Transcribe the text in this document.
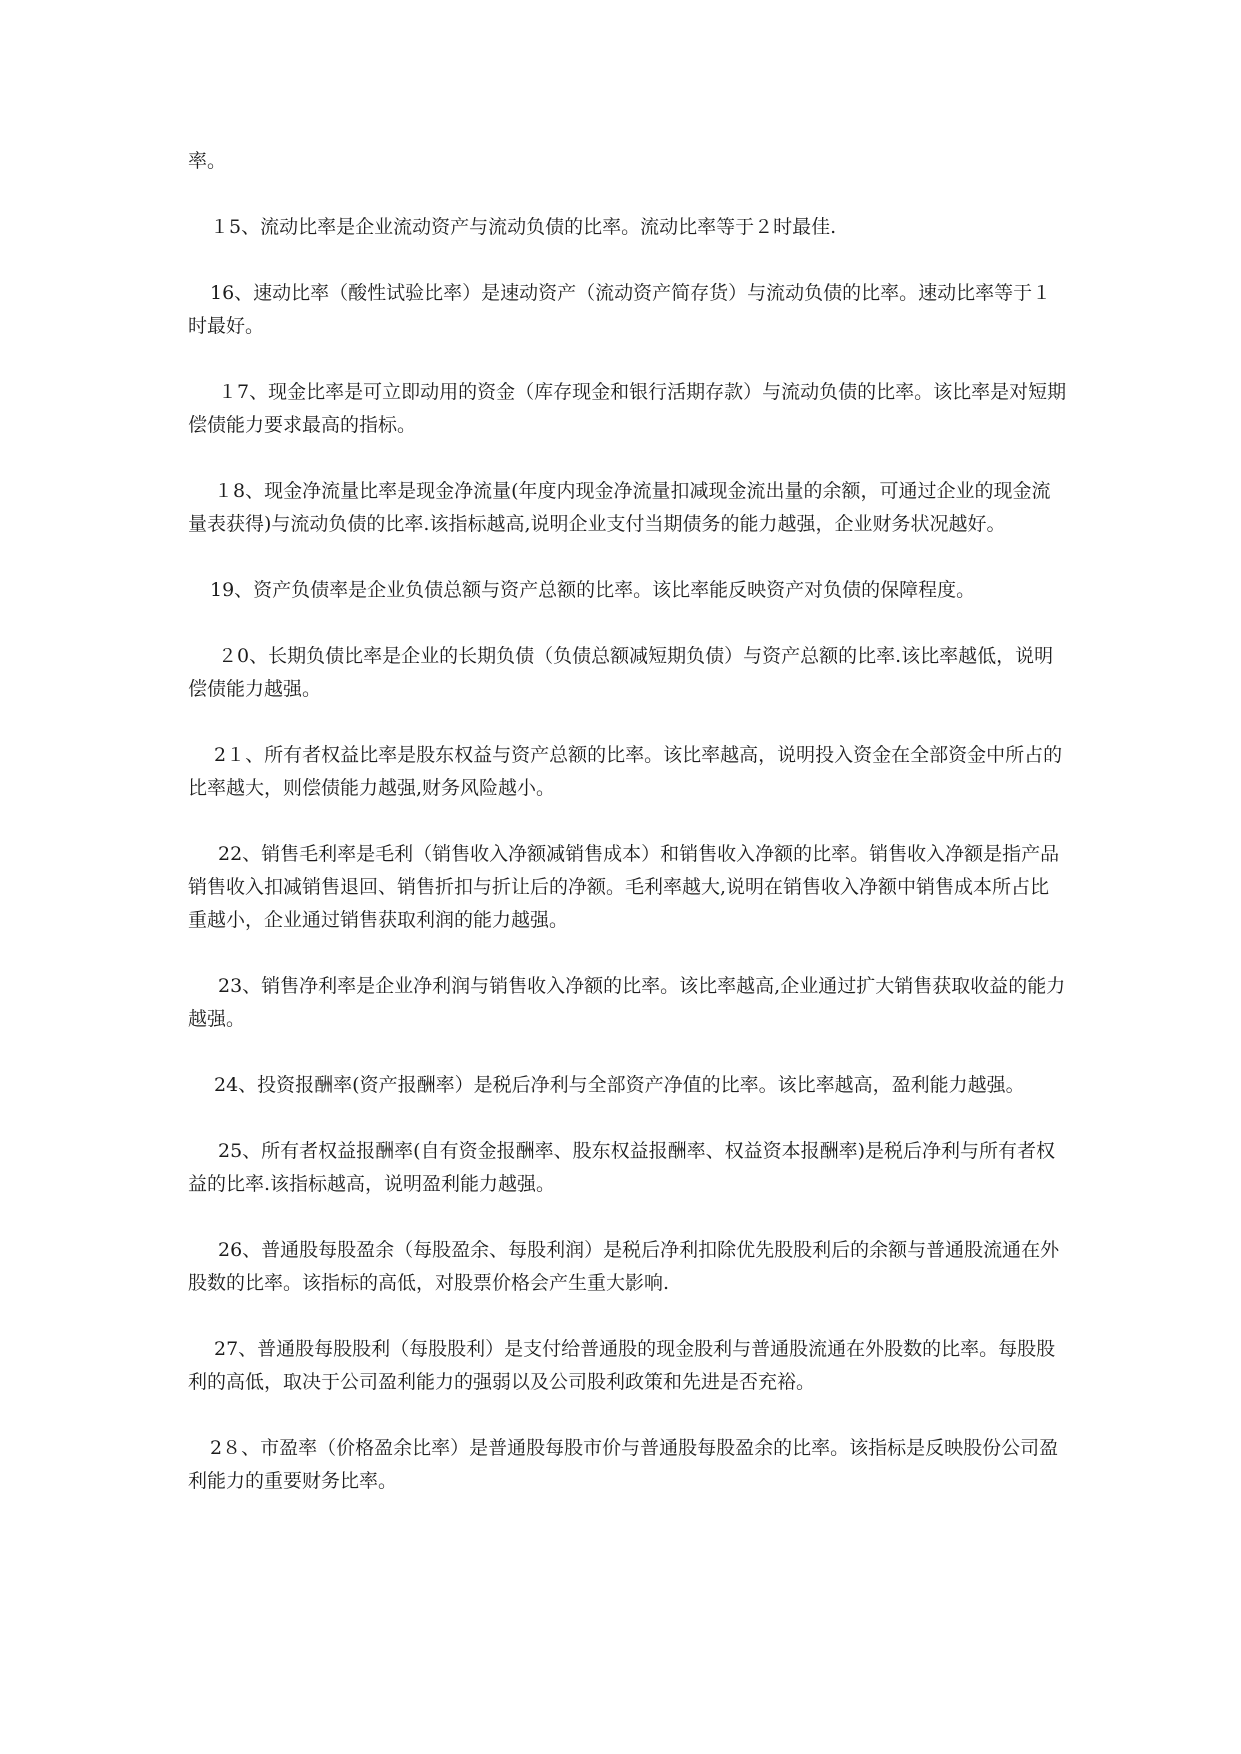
率。

１5、流动比率是企业流动资产与流动负债的比率。流动比率等于２时最佳.

16、速动比率（酸性试验比率）是速动资产（流动资产简存货）与流动负债的比率。速动比率等于１时最好。

１7、现金比率是可立即动用的资金（库存现金和银行活期存款）与流动负债的比率。该比率是对短期偿债能力要求最高的指标。

１8、现金净流量比率是现金净流量(年度内现金净流量扣减现金流出量的余额，可通过企业的现金流量表获得)与流动负债的比率.该指标越高,说明企业支付当期债务的能力越强，企业财务状况越好。

19、资产负债率是企业负债总额与资产总额的比率。该比率能反映资产对负债的保障程度。

２0、长期负债比率是企业的长期负债（负债总额减短期负债）与资产总额的比率.该比率越低，说明偿债能力越强。

2１、所有者权益比率是股东权益与资产总额的比率。该比率越高，说明投入资金在全部资金中所占的比率越大，则偿债能力越强,财务风险越小。

22、销售毛利率是毛利（销售收入净额减销售成本）和销售收入净额的比率。销售收入净额是指产品销售收入扣减销售退回、销售折扣与折让后的净额。毛利率越大,说明在销售收入净额中销售成本所占比重越小，企业通过销售获取利润的能力越强。

23、销售净利率是企业净利润与销售收入净额的比率。该比率越高,企业通过扩大销售获取收益的能力越强。

24、投资报酬率(资产报酬率）是税后净利与全部资产净值的比率。该比率越高，盈利能力越强。

25、所有者权益报酬率(自有资金报酬率、股东权益报酬率、权益资本报酬率)是税后净利与所有者权益的比率.该指标越高，说明盈利能力越强。

26、普通股每股盈余（每股盈余、每股利润）是税后净利扣除优先股股利后的余额与普通股流通在外股数的比率。该指标的高低，对股票价格会产生重大影响.

27、普通股每股股利（每股股利）是支付给普通股的现金股利与普通股流通在外股数的比率。每股股利的高低，取决于公司盈利能力的强弱以及公司股利政策和先进是否充裕。

2８、市盈率（价格盈余比率）是普通股每股市价与普通股每股盈余的比率。该指标是反映股份公司盈利能力的重要财务比率。
